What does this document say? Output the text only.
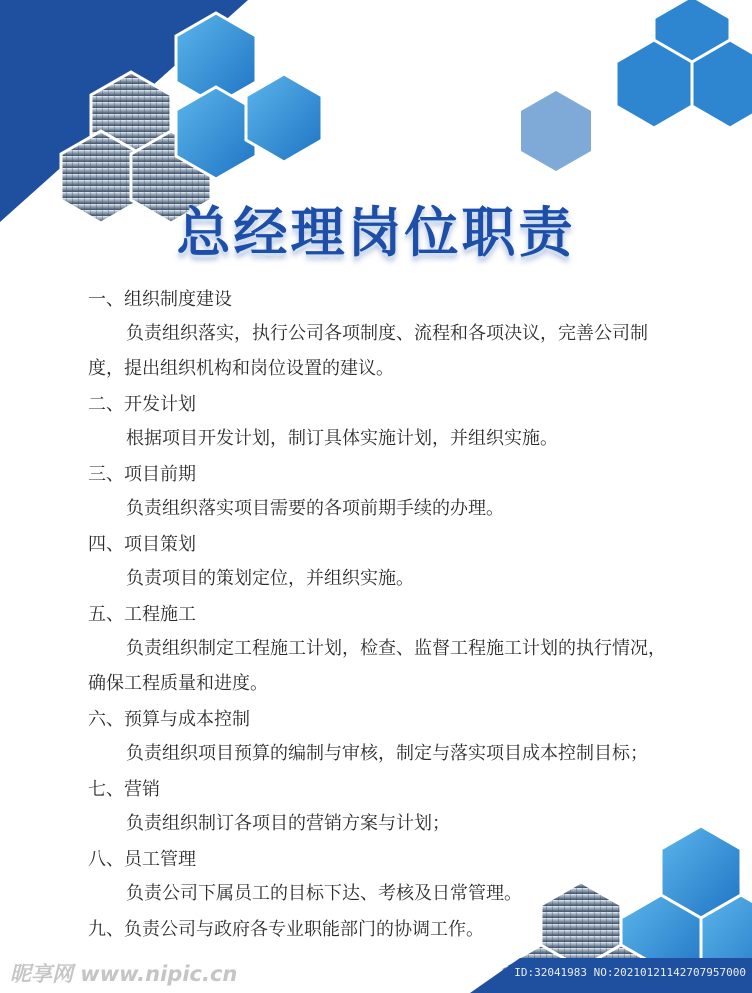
总经理岗位职责
一、组织制度建设
负责组织落实，执行公司各项制度、流程和各项决议，完善公司制度，提出组织机构和岗位设置的建议。
二、开发计划
根据项目开发计划，制订具体实施计划，并组织实施。
三、项目前期
负责组织落实项目需要的各项前期手续的办理。
四、项目策划
负责项目的策划定位，并组织实施。
五、工程施工
负责组织制定工程施工计划，检查、监督工程施工计划的执行情况，确保工程质量和进度。
六、预算与成本控制
负责组织项目预算的编制与审核，制定与落实项目成本控制目标；
七、营销
负责组织制订各项目的营销方案与计划；
八、员工管理
负责公司下属员工的目标下达、考核及日常管理。
九、负责公司与政府各专业职能部门的协调工作。
昵享网 www.nipic.cn	ID:32041983 NO:20210121142707957000
